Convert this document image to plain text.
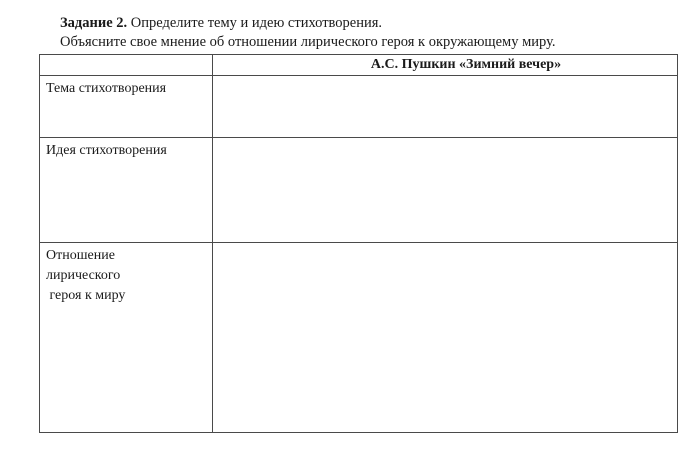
Задание 2. Определите тему и идею стихотворения.
Объясните свое мнение об отношении лирического героя к окружающему миру.
	А.С. Пушкин «Зимний вечер»

Тема стихотворения	

Идея стихотворения	

Отношение
лирического
героя к миру	
